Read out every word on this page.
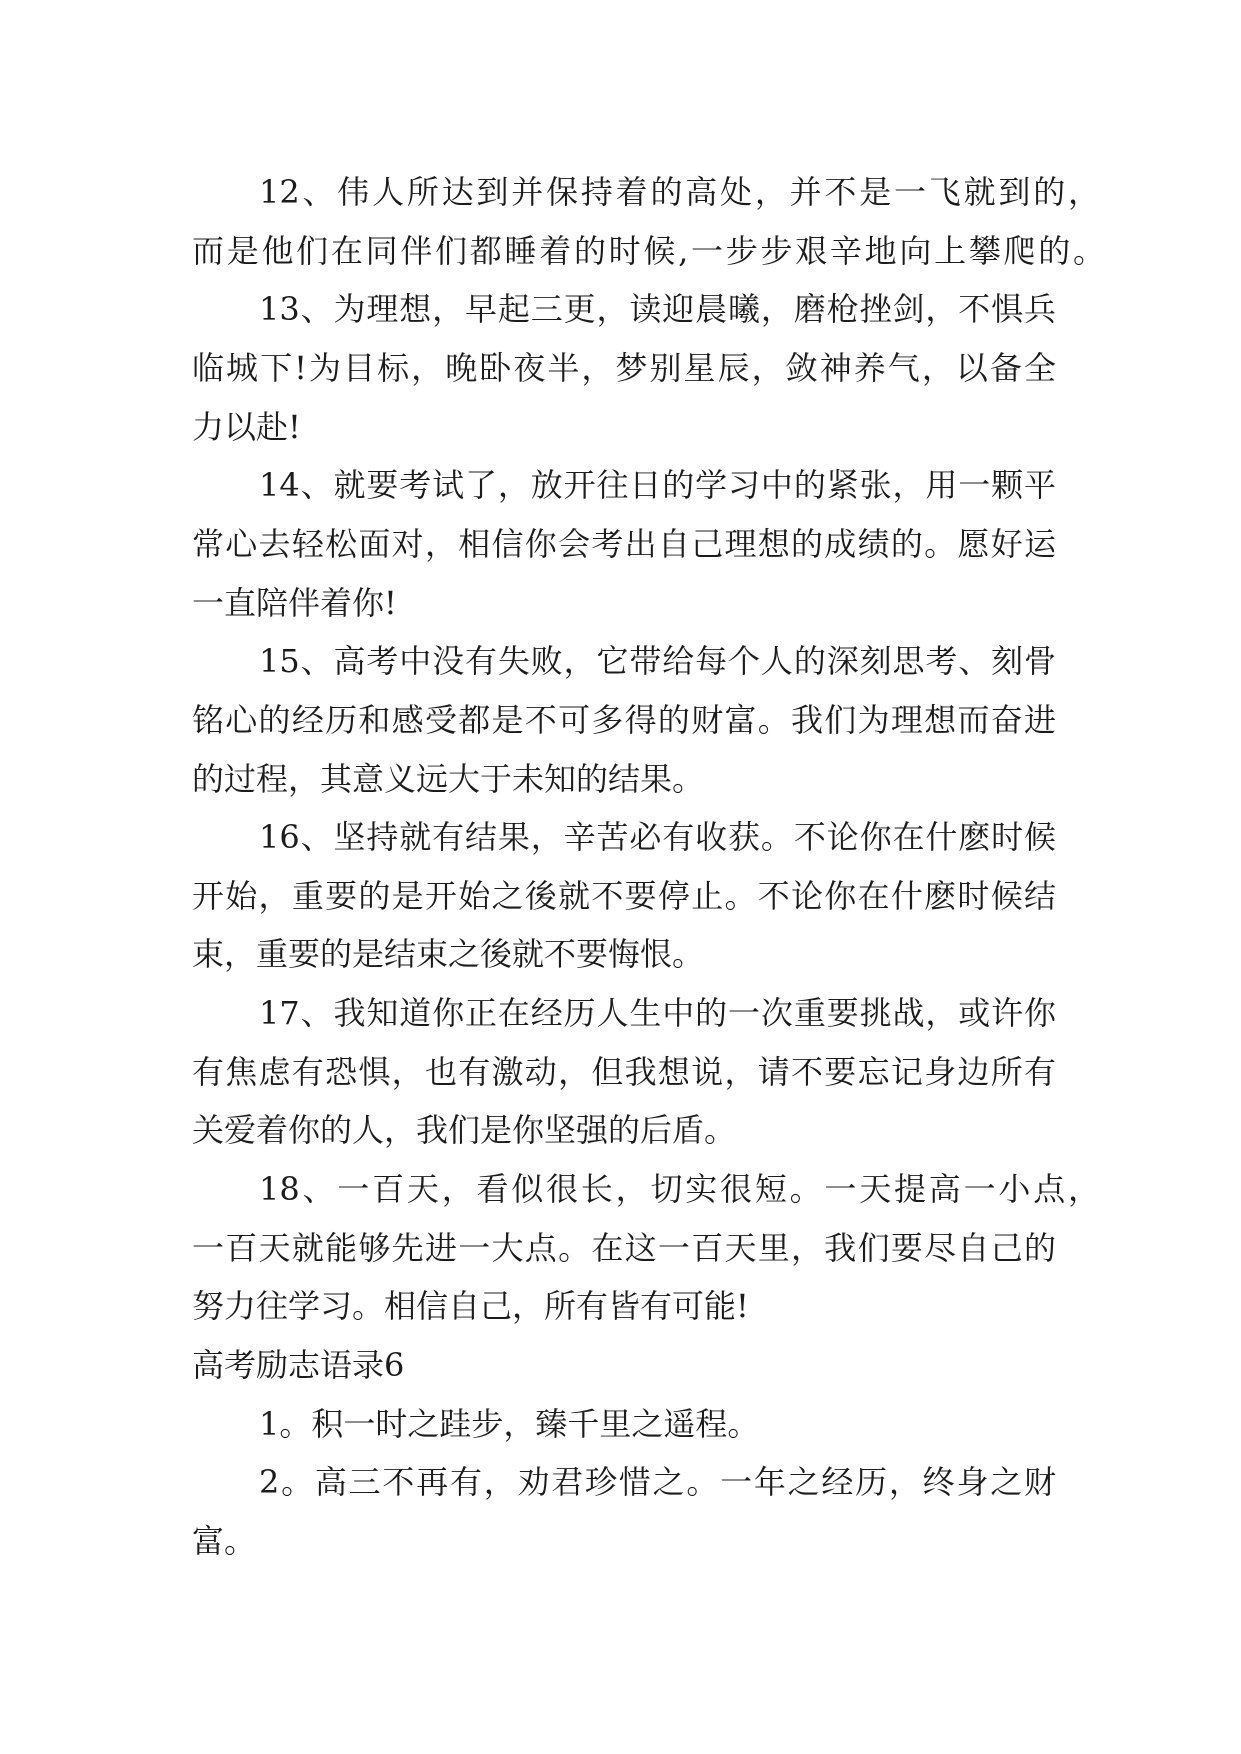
12、伟人所达到并保持着的高处，并不是一飞就到的，
而是他们在同伴们都睡着的时候,一步步艰辛地向上攀爬的。
13、为理想，早起三更，读迎晨曦，磨枪挫剑，不惧兵
临城下!为目标，晚卧夜半，梦别星辰，敛神养气，以备全
力以赴!
14、就要考试了，放开往日的学习中的紧张，用一颗平
常心去轻松面对，相信你会考出自己理想的成绩的。愿好运
一直陪伴着你!
15、高考中没有失败，它带给每个人的深刻思考、刻骨
铭心的经历和感受都是不可多得的财富。我们为理想而奋进
的过程，其意义远大于未知的结果。
16、坚持就有结果，辛苦必有收获。不论你在什麽时候
开始，重要的是开始之後就不要停止。不论你在什麽时候结
束，重要的是结束之後就不要悔恨。
17、我知道你正在经历人生中的一次重要挑战，或许你
有焦虑有恐惧，也有激动，但我想说，请不要忘记身边所有
关爱着你的人，我们是你坚强的后盾。
18、一百天，看似很长，切实很短。一天提高一小点，
一百天就能够先进一大点。在这一百天里，我们要尽自己的
努力往学习。相信自己，所有皆有可能!
高考励志语录6
1。积一时之跬步，臻千里之遥程。
2。高三不再有，劝君珍惜之。一年之经历，终身之财
富。
